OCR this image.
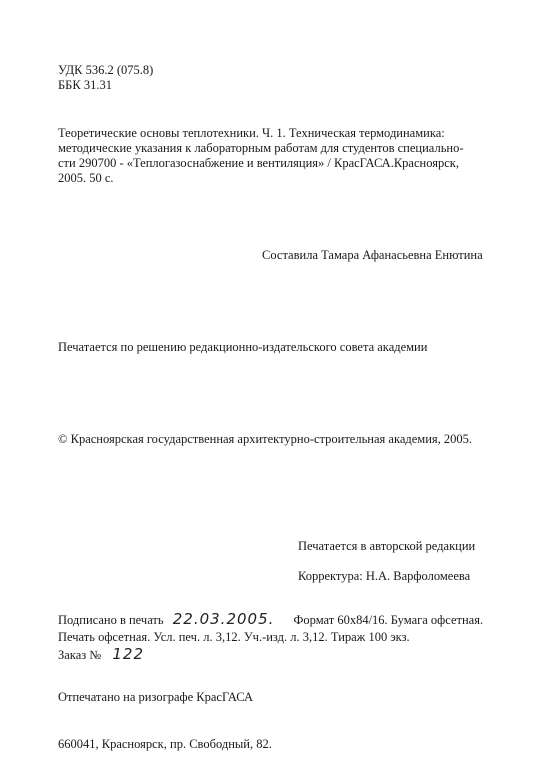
УДК 536.2 (075.8)
ББК 31.31
Теоретические основы теплотехники. Ч. 1. Техническая термодинамика:
методические указания к лабораторным работам для студентов специально-
сти 290700 - «Теплогазоснабжение и вентиляция» / КрасГАСА.Красноярск,
2005. 50 с.
Составила Тамара Афанасьевна Енютина
Печатается по решению редакционно-издательского совета академии
© Красноярская государственная архитектурно-строительная академия, 2005.
Печатается в авторской редакции
Корректура: Н.А. Варфоломеева
Подписано в печать 22.03.2005. Формат 60х84/16. Бумага офсетная.
Печать офсетная. Усл. печ. л. 3,12. Уч.-изд. л. 3,12. Тираж 100 экз.
Заказ № 122
Отпечатано на ризографе КрасГАСА
660041, Красноярск, пр. Свободный, 82.
